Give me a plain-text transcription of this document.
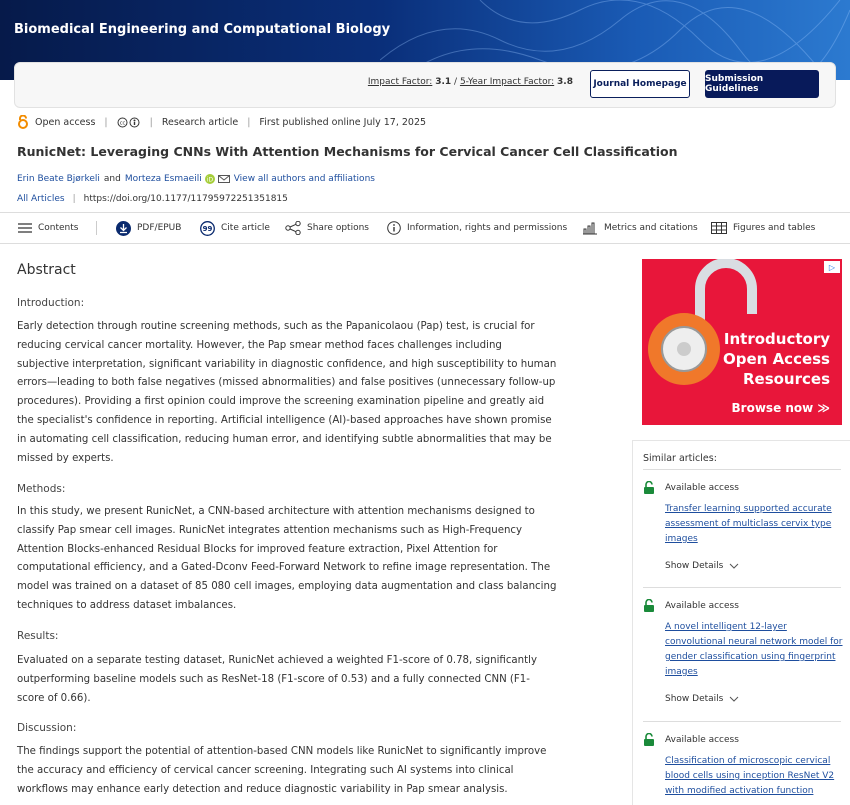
Biomedical Engineering and Computational Biology
Impact Factor: 3.1 / 5-Year Impact Factor: 3.8	Journal Homepage	Submission Guidelines
Open access | cc	| Research article | First published online July 17, 2025
RunicNet: Leveraging CNNs With Attention Mechanisms for Cervical Cancer Cell Classification
Erin Beate Bjørkeli and Morteza Esmaeili iD View all authors and affiliations
All Articles | https://doi.org/10.1177/11795972251351815
Contents	PDF/EPUB	99 Cite article	Share options	Information, rights and permissions	Metrics and citations	Figures and tables
Abstract
Introduction:
Early detection through routine screening methods, such as the Papanicolaou (Pap) test, is crucial for reducing cervical cancer mortality. However, the Pap smear method faces challenges including subjective interpretation, significant variability in diagnostic confidence, and high susceptibility to human errors—leading to both false negatives (missed abnormalities) and false positives (unnecessary follow-up procedures). Providing a first opinion could improve the screening examination pipeline and greatly aid the specialist's confidence in reporting. Artificial intelligence (AI)-based approaches have shown promise in automating cell classification, reducing human error, and identifying subtle abnormalities that may be missed by experts.
Methods:
In this study, we present RunicNet, a CNN-based architecture with attention mechanisms designed to classify Pap smear cell images. RunicNet integrates attention mechanisms such as High-Frequency Attention Blocks-enhanced Residual Blocks for improved feature extraction, Pixel Attention for computational efficiency, and a Gated-Dconv Feed-Forward Network to refine image representation. The model was trained on a dataset of 85 080 cell images, employing data augmentation and class balancing techniques to address dataset imbalances.
Results:
Evaluated on a separate testing dataset, RunicNet achieved a weighted F1-score of 0.78, significantly outperforming baseline models such as ResNet-18 (F1-score of 0.53) and a fully connected CNN (F1-score of 0.66).
Discussion:
The findings support the potential of attention-based CNN models like RunicNet to significantly improve the accuracy and efficiency of cervical cancer screening. Integrating such AI systems into clinical workflows may enhance early detection and reduce diagnostic variability in Pap smear analysis.
Introductory
Open Access
Resources
Browse now ≫
▷
Similar articles:
Available access
Transfer learning supported accurate assessment of multiclass cervix type images
Show Details
Available access
A novel intelligent 12-layer convolutional neural network model for gender classification using fingerprint images
Show Details
Available access
Classification of microscopic cervical blood cells using inception ResNet V2 with modified activation function
